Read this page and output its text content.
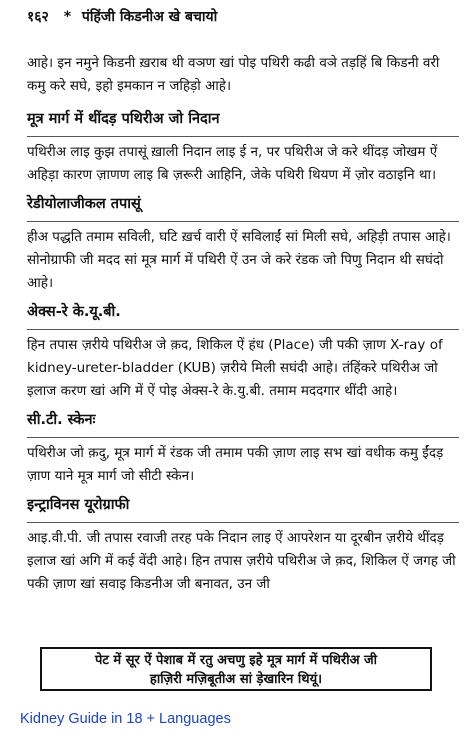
१६२ * पंहिंजी किडनीअ खे बचायो

आहे। इन नमुने किडनी ख़राब थी वञण खां पोइ पथिरी कढी वञे तड़हिं बि किडनी वरी कमु करे सघे, इहो इमकान न जहिड़ो आहे।

मूत्र मार्ग में थींदड़ पथिरीअ जो निदान

पथिरीअ लाइ कुझ तपासूं ख़ाली निदान लाइ ई न, पर पथिरीअ जे करे थींदड़ जोखम ऐं अहिड़ा कारण ज़ाणण लाइ बि ज़रूरी आहिनि, जेके पथिरी थियण में ज़ोर वठाइनि था।

रेडीयोलाजीकल तपासूं

हीअ पद्धति तमाम सविली, घटि ख़र्च वारी ऐं सविलाईं सां मिली सघे, अहिड़ी तपास आहे। सोनोग्राफी जी मदद सां मूत्र मार्ग में पथिरी ऐं उन जे करे रंडक जो पिणु निदान थी सघंदो आहे।

अेक्स-रे के.यू.बी.

हिन तपास ज़रीये पथिरीअ जे क़द, शिकिल ऐं हंध (Place) जी पकी ज़ाण X-ray of kidney-ureter-bladder (KUB) ज़रीये मिली सघंदी आहे। तंहिंकरे पथिरीअ जो इलाज करण खां अगि में ऐं पोइ अेक्स-रे के.यु.बी. तमाम मददगार थींदी आहे।

सी.टी. स्केनः

पथिरीअ जो क़दु, मूत्र मार्ग में रंडक जी तमाम पकी ज़ाण लाइ सभ खां वधीक कमु ईंदड़ ज़ाण याने मूत्र मार्ग जो सीटी स्केन।

इन्ट्राविनस यूरोग्राफी

आइ.वी.पी. जी तपास रवाजी तरह पके निदान लाइ ऐं आपरेशन या दूरबीन ज़रीये थींदड़ इलाज खां अगि में कई वेंदी आहे। हिन तपास ज़रीये पथिरीअ जे क़द, शिकिल ऐं जगह जी पकी ज़ाण खां सवाइ किडनीअ जी बनावत, उन जी

पेट में सूर ऐं पेशाब में रतु अचणु इहे मूत्र मार्ग में पथिरीअ जी
हाज़िरी मज़िबूतीअ सां ड़ेखारिन थियूं।
Kidney Guide in 18 + Languages
